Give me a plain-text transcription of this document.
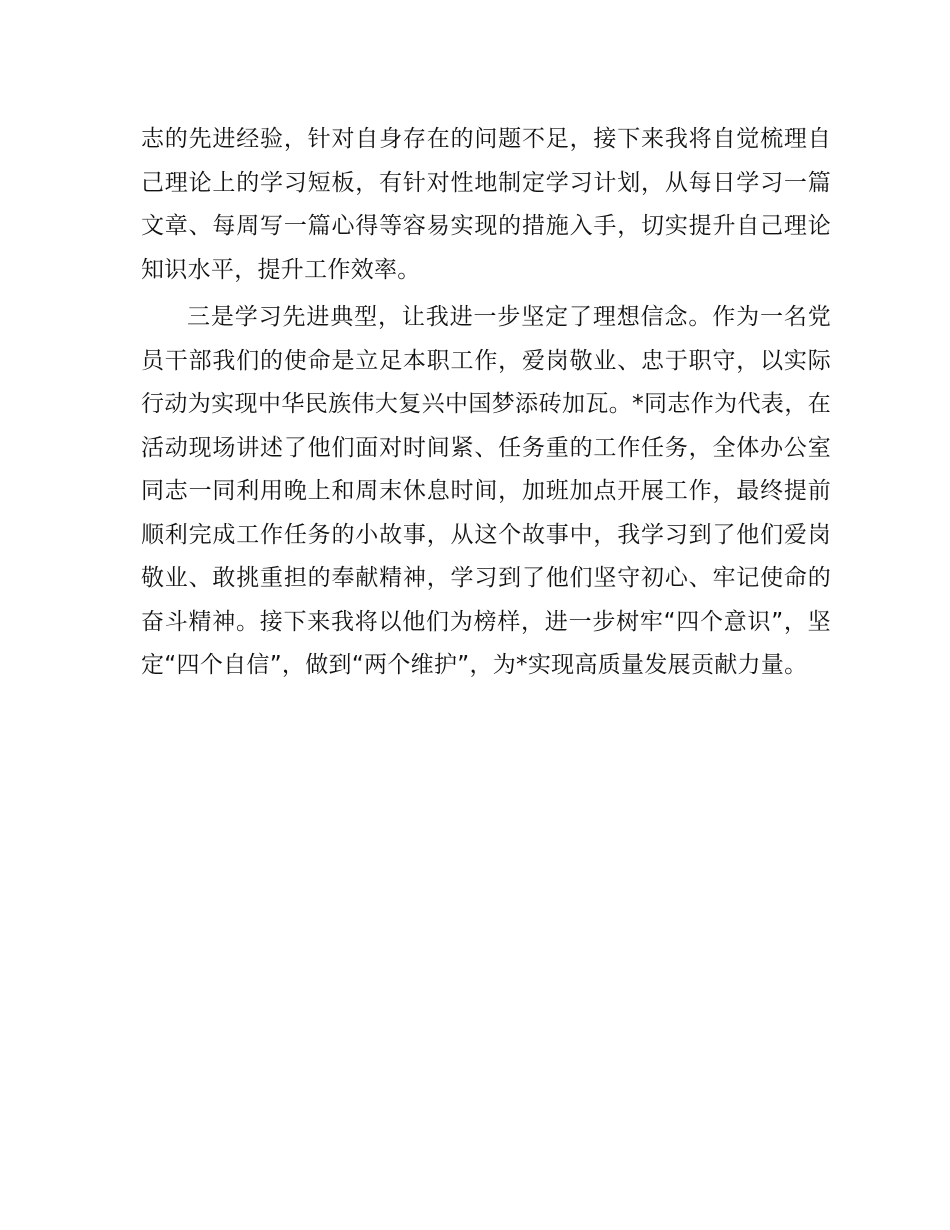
志的先进经验，针对自身存在的问题不足，接下来我将自觉梳理自己理论上的学习短板，有针对性地制定学习计划，从每日学习一篇文章、每周写一篇心得等容易实现的措施入手，切实提升自己理论知识水平，提升工作效率。

三是学习先进典型，让我进一步坚定了理想信念。作为一名党员干部我们的使命是立足本职工作，爱岗敬业、忠于职守，以实际行动为实现中华民族伟大复兴中国梦添砖加瓦。*同志作为代表，在活动现场讲述了他们面对时间紧、任务重的工作任务，全体办公室同志一同利用晚上和周末休息时间，加班加点开展工作，最终提前顺利完成工作任务的小故事，从这个故事中，我学习到了他们爱岗敬业、敢挑重担的奉献精神，学习到了他们坚守初心、牢记使命的奋斗精神。接下来我将以他们为榜样，进一步树牢“四个意识”，坚定“四个自信”，做到“两个维护”，为*实现高质量发展贡献力量。
